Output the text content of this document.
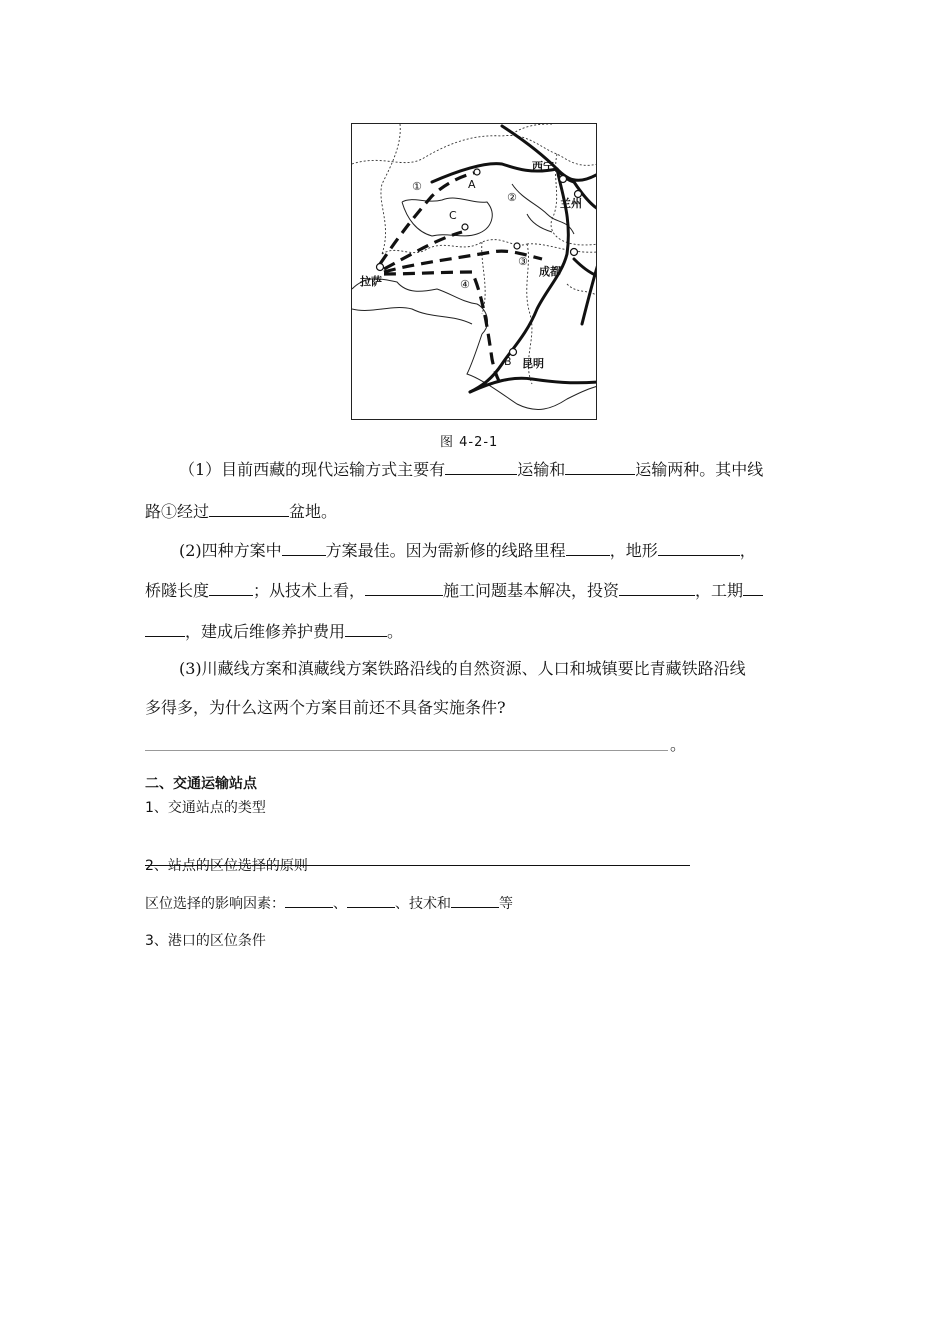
西宁
兰州
成都
拉萨
昆明
A
B
C
①
②
③
④
图 4-2-1
（1）目前西藏的现代运输方式主要有	运输和	运输两种。其中线
路①经过	盆地。
(2)四种方案中	方案最佳。因为需新修的线路里程	，地形	，
桥隧长度	；从技术上看，	施工问题基本解决，投资	，工期
，建成后维修养护费用	。
(3)川藏线方案和滇藏线方案铁路沿线的自然资源、人口和城镇要比青藏铁路沿线
多得多，为什么这两个方案目前还不具备实施条件?
。
二、交通运输站点
1、交通站点的类型
2、站点的区位选择的原则
区位选择的影响因素：	、	、技术和	等
3、港口的区位条件
